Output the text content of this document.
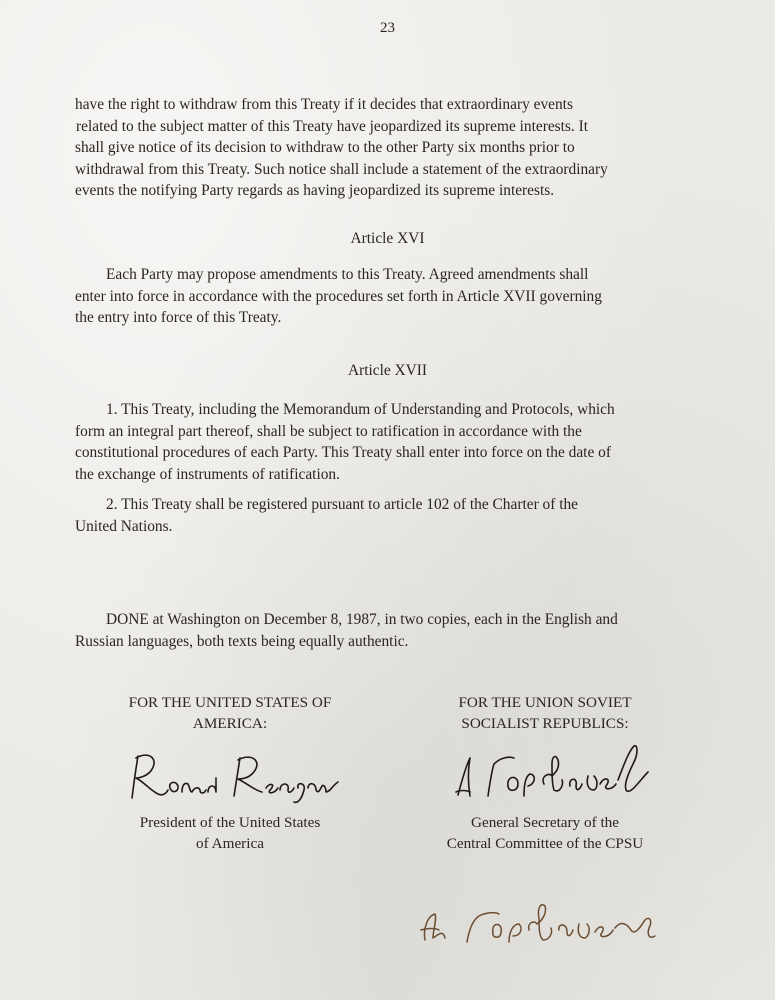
23
have the right to withdraw from this Treaty if it decides that extraordinary events
related to the subject matter of this Treaty have jeopardized its supreme interests. It
shall give notice of its decision to withdraw to the other Party six months prior to
withdrawal from this Treaty. Such notice shall include a statement of the extraordinary
events the notifying Party regards as having jeopardized its supreme interests.
Article XVI
Each Party may propose amendments to this Treaty. Agreed amendments shall
enter into force in accordance with the procedures set forth in Article XVII governing
the entry into force of this Treaty.
Article XVII
1. This Treaty, including the Memorandum of Understanding and Protocols, which
form an integral part thereof, shall be subject to ratification in accordance with the
constitutional procedures of each Party. This Treaty shall enter into force on the date of
the exchange of instruments of ratification.
2. This Treaty shall be registered pursuant to article 102 of the Charter of the
United Nations.
DONE at Washington on December 8, 1987, in two copies, each in the English and
Russian languages, both texts being equally authentic.
FOR THE UNITED STATES OF
AMERICA:
President of the United States
of America
FOR THE UNION SOVIET
SOCIALIST REPUBLICS:
General Secretary of the
Central Committee of the CPSU
